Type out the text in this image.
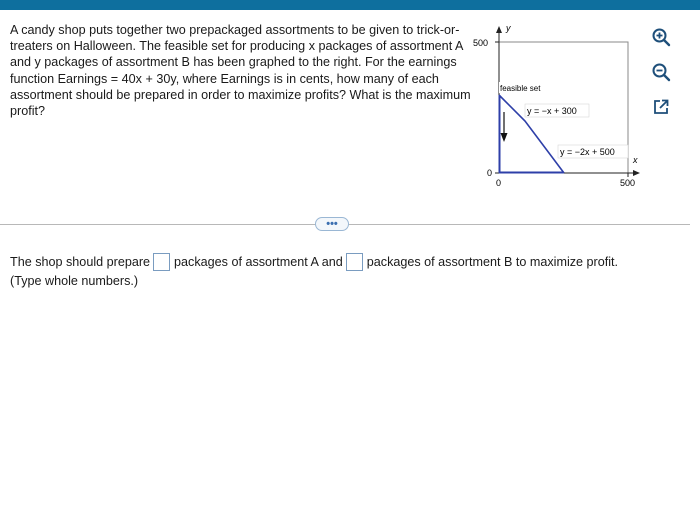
A candy shop puts together two prepackaged assortments to be given to trick-or-treaters on Halloween. The feasible set for producing x packages of assortment A and y packages of assortment B has been graphed to the right. For the earnings function Earnings = 40x + 30y, where Earnings is in cents, how many of each assortment should be prepared in order to maximize profits? What is the maximum profit?

y
x
500
0
0	500
feasible set
y = −x + 300
y = −2x + 500
•••
The shop should prepare packages of assortment A and packages of assortment B to maximize profit.
(Type whole numbers.)
